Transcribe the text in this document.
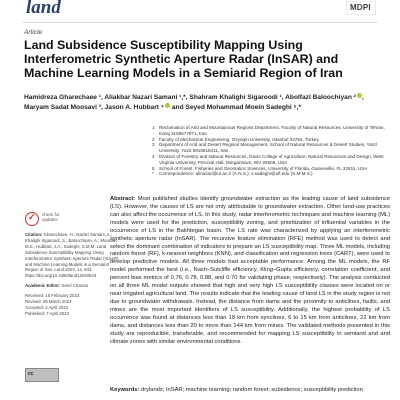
land	MDPI
Article
Land Subsidence Susceptibility Mapping Using Interferometric Synthetic Aperture Radar (InSAR) and Machine Learning Models in a Semiarid Region of Iran
Hamidreza Gharechaee ¹, Aliakbar Nazari Samani ¹,*, Shahram Khalighi Sigaroodi ¹, Abolfazl Baloochiyan ² , Maryam Sadat Moosavi ³, Jason A. Hubbart ⁴ and Seyed Mohammad Moein Sadeghi ⁵,*
1 Reclamation of Arid and Mountainous Regions Department, Faculty of Natural Resources, University of Tehran, Karaj 3158577871, Iran
2 Faculty of Mechanical Engineering, Ozyegin University, Istanbul 34794, Turkey
3 Department of Arid and Desert Regions Management, School of Natural Resources & Desert Studies, Yazd University, Yazd 8915818411, Iran
4 Division of Forestry and Natural Resources, Davis College of Agriculture, Natural Resources and Design, West Virginia University, Percival Hall, Morgantown, WV 26506, USA
5 School of Forest, Fisheries and Geomatics Sciences, University of Florida, Gainesville, FL 32611, USA
*	Correspondence: alinazari@ut.ac.ir (A.N.S.); s.sadeghi@ufl.edu (S.M.M.S.)
✓ check for updates

Citation: Gharechaee, H.; Nazari Samani, A.; Khalighi Sigaroodi, S.; Baloochiyan, A.; Moosavi, M.S.; Hubbart, J.A.; Sadeghi, S.M.M. Land Subsidence Susceptibility Mapping Using Interferometric Synthetic Aperture Radar (InSAR) and Machine Learning Models in a Semiarid Region of Iran. Land 2023, 12, 843. https://doi.org/10.3390/land12040843

Academic Editor: Karel Charvat

Received: 15 February 2023

Revised: 29 March 2023

Accepted: 4 April 2023

Published: 7 April 2023

cc
Abstract: Most published studies identify groundwater extraction as the leading cause of land subsidence (LS). However, the causes of LS are not only attributable to groundwater extraction. Other land-use practices can also affect the occurrence of LS. In this study, radar interferometric techniques and machine learning (ML) models were used for the prediction, susceptibility zoning, and prioritization of influential variables in the occurrence of LS in the Bakhtegan basin. The LS rate was characterized by applying an interferometric synthetic aperture radar (InSAR). The recursive feature elimination (RFE) method was used to detect and select the dominant combination of indicators to prepare an LS susceptibility map. Three ML models, including random forest (RF), k-nearest neighbors (KNN), and classification and regression trees (CART), were used to develop predictive models. All three models had acceptable performance. Among the ML models, the RF model performed the best (i.e., Nash–Sutcliffe efficiency, Kling–Gupta efficiency, correlation coefficient, and percent bias metrics of 0.76, 0.78, 0.88, and 0.70 for validating phase, respectively). The analysis conducted on all three ML model outputs showed that high and very high LS susceptibility classes were located on or near irrigated agricultural land. The results indicate that the leading cause of land LS in the study region is not due to groundwater withdrawals. Instead, the distance from dams and the proximity to anticlines, faults, and mines are the most important identifiers of LS susceptibility. Additionally, the highest probability of LS occurrence was found at distances less than 18 km from synclines, 6 to 15 km from anticlines, 22 km from dams, and distances less than 20 to more than 144 km from mines. The validated methods presented in this study are reproducible, transferable, and recommended for mapping LS susceptibility in semiarid and arid climate zones with similar environmental conditions.
Keywords: drylands; InSAR; machine learning; random forest; subsidence; susceptibility prediction
